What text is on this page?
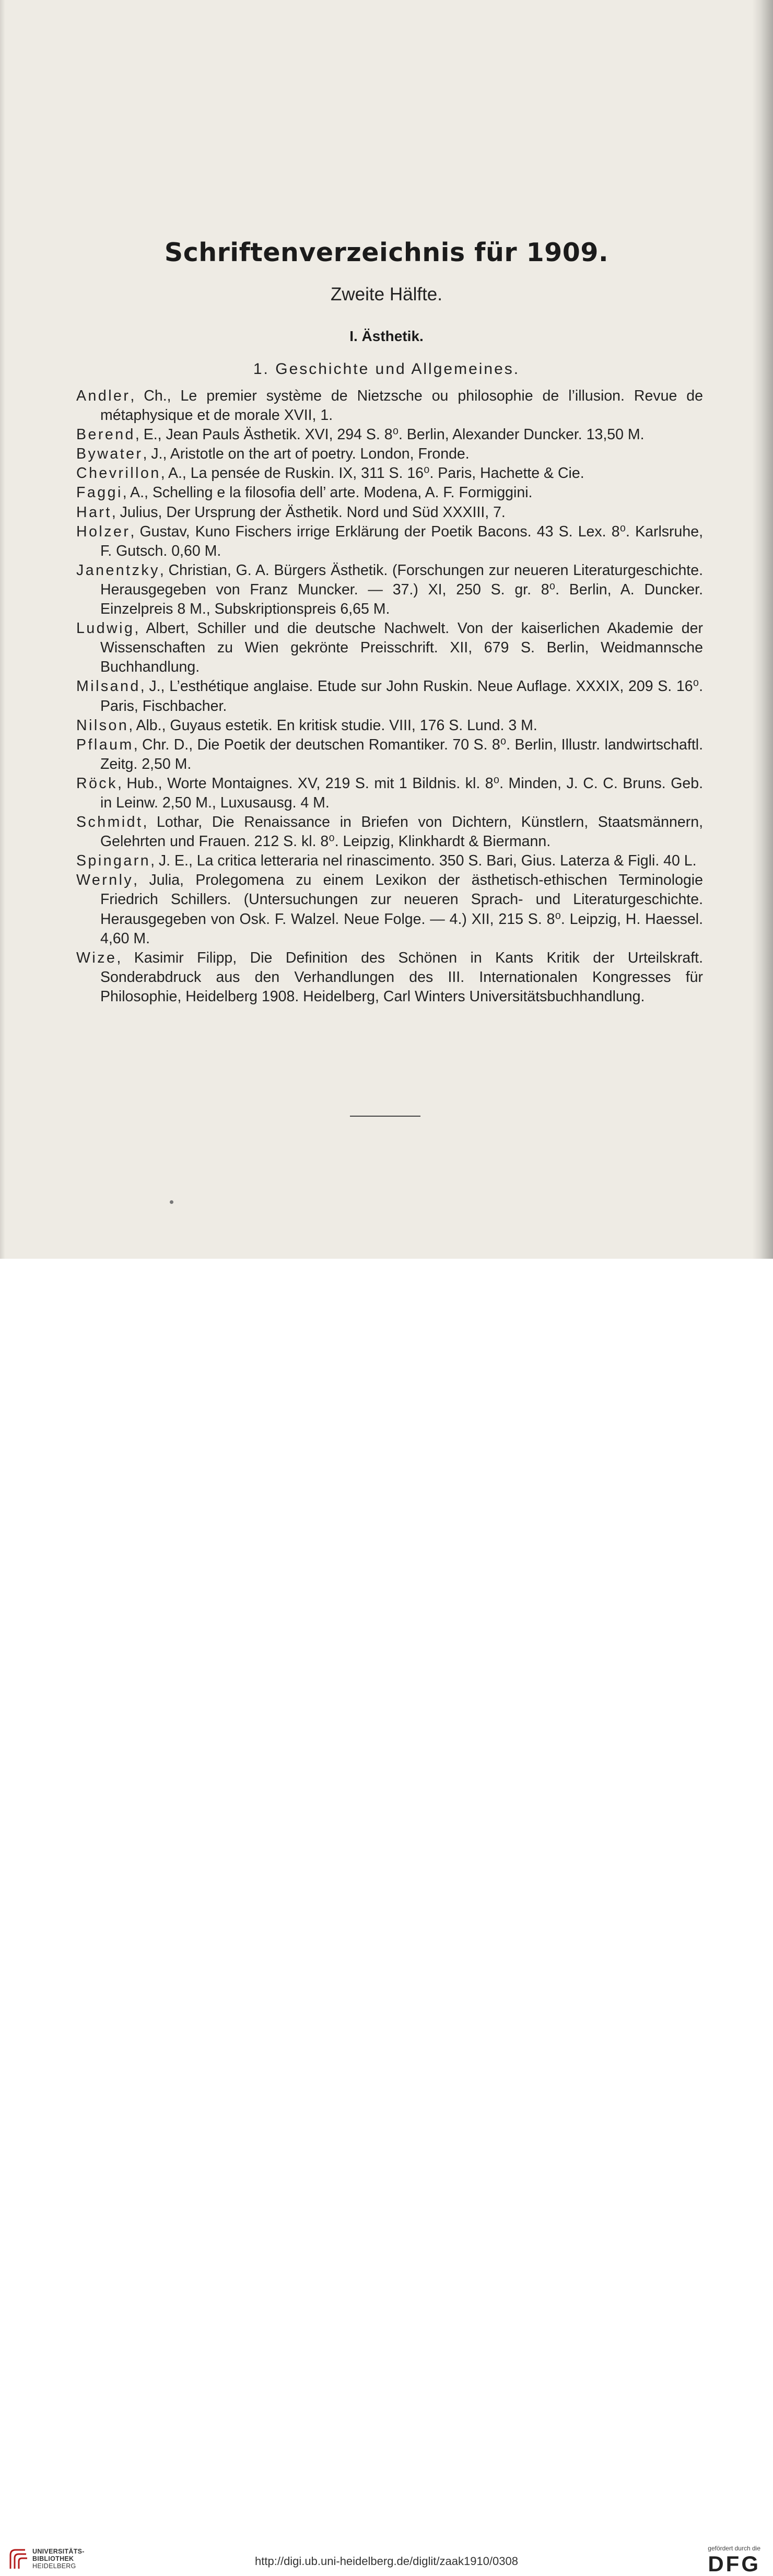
Schriftenverzeichnis für 1909.
Zweite Hälfte.
I. Ästhetik.
1. Geschichte und Allgemeines.
Andler, Ch., Le premier système de Nietzsche ou philosophie de l’illusion. Revue de métaphysique et de morale XVII, 1.
Berend, E., Jean Pauls Ästhetik. XVI, 294 S. 8⁰. Berlin, Alexander Duncker. 13,50 M.
Bywater, J., Aristotle on the art of poetry. London, Fronde.
Chevrillon, A., La pensée de Ruskin. IX, 311 S. 16⁰. Paris, Hachette & Cie.
Faggi, A., Schelling e la filosofia dell’ arte. Modena, A. F. Formiggini.
Hart, Julius, Der Ursprung der Ästhetik. Nord und Süd XXXIII, 7.
Holzer, Gustav, Kuno Fischers irrige Erklärung der Poetik Bacons. 43 S. Lex. 8⁰. Karlsruhe, F. Gutsch. 0,60 M.
Janentzky, Christian, G. A. Bürgers Ästhetik. (Forschungen zur neueren Literaturgeschichte. Herausgegeben von Franz Muncker. — 37.) XI, 250 S. gr. 8⁰. Berlin, A. Duncker. Einzelpreis 8 M., Subskriptionspreis 6,65 M.
Ludwig, Albert, Schiller und die deutsche Nachwelt. Von der kaiserlichen Akademie der Wissenschaften zu Wien gekrönte Preisschrift. XII, 679 S. Berlin, Weidmannsche Buchhandlung.
Milsand, J., L’esthétique anglaise. Etude sur John Ruskin. Neue Auflage. XXXIX, 209 S. 16⁰. Paris, Fischbacher.
Nilson, Alb., Guyaus estetik. En kritisk studie. VIII, 176 S. Lund. 3 M.
Pflaum, Chr. D., Die Poetik der deutschen Romantiker. 70 S. 8⁰. Berlin, Illustr. landwirtschaftl. Zeitg. 2,50 M.
Röck, Hub., Worte Montaignes. XV, 219 S. mit 1 Bildnis. kl. 8⁰. Minden, J. C. C. Bruns. Geb. in Leinw. 2,50 M., Luxusausg. 4 M.
Schmidt, Lothar, Die Renaissance in Briefen von Dichtern, Künstlern, Staatsmännern, Gelehrten und Frauen. 212 S. kl. 8⁰. Leipzig, Klinkhardt & Biermann.
Spingarn, J. E., La critica letteraria nel rinascimento. 350 S. Bari, Gius. Laterza & Figli. 40 L.
Wernly, Julia, Prolegomena zu einem Lexikon der ästhetisch-ethischen Terminologie Friedrich Schillers. (Untersuchungen zur neueren Sprach- und Literaturgeschichte. Herausgegeben von Osk. F. Walzel. Neue Folge. — 4.) XII, 215 S. 8⁰. Leipzig, H. Haessel. 4,60 M.
Wize, Kasimir Filipp, Die Definition des Schönen in Kants Kritik der Urteilskraft. Sonderabdruck aus den Verhandlungen des III. Internationalen Kongresses für Philosophie, Heidelberg 1908. Heidelberg, Carl Winters Universitätsbuchhandlung.
UNIVERSITÄTS-
BIBLIOTHEK
HEIDELBERG	http://digi.ub.uni-heidelberg.de/diglit/zaak1910/0308
gefördert durch die
DFG
